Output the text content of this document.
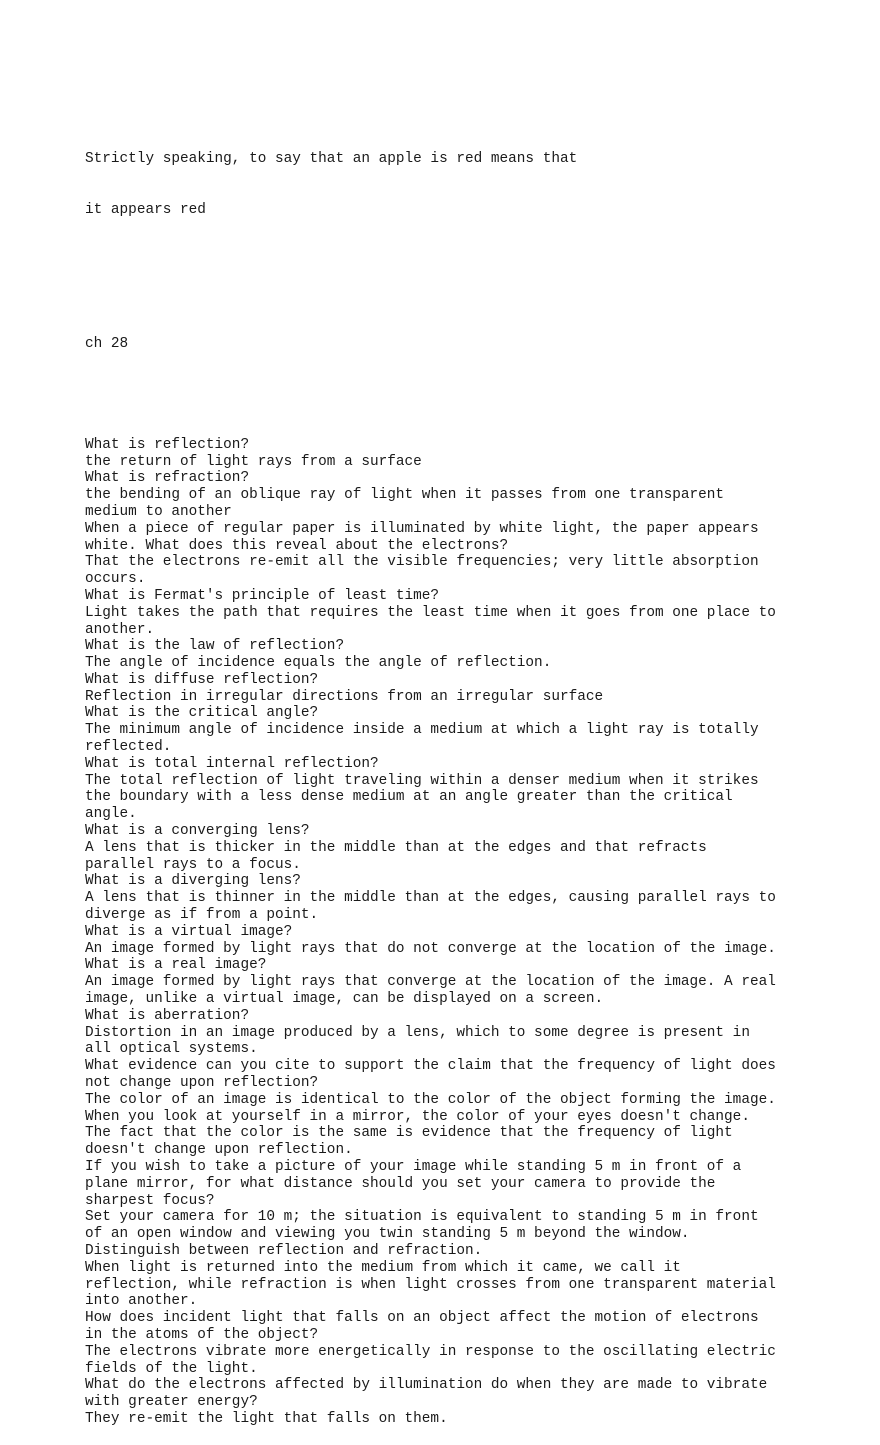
Strictly speaking, to say that an apple is red means that

it appears red

ch 28

What is reflection?
the return of light rays from a surface
What is refraction?
the bending of an oblique ray of light when it passes from one transparent
medium to another
When a piece of regular paper is illuminated by white light, the paper appears
white. What does this reveal about the electrons?
That the electrons re-emit all the visible frequencies; very little absorption
occurs.
What is Fermat's principle of least time?
Light takes the path that requires the least time when it goes from one place to
another.
What is the law of reflection?
The angle of incidence equals the angle of reflection.
What is diffuse reflection?
Reflection in irregular directions from an irregular surface
What is the critical angle?
The minimum angle of incidence inside a medium at which a light ray is totally
reflected.
What is total internal reflection?
The total reflection of light traveling within a denser medium when it strikes
the boundary with a less dense medium at an angle greater than the critical
angle.
What is a converging lens?
A lens that is thicker in the middle than at the edges and that refracts
parallel rays to a focus.
What is a diverging lens?
A lens that is thinner in the middle than at the edges, causing parallel rays to
diverge as if from a point.
What is a virtual image?
An image formed by light rays that do not converge at the location of the image.
What is a real image?
An image formed by light rays that converge at the location of the image. A real
image, unlike a virtual image, can be displayed on a screen.
What is aberration?
Distortion in an image produced by a lens, which to some degree is present in
all optical systems.
What evidence can you cite to support the claim that the frequency of light does
not change upon reflection?
The color of an image is identical to the color of the object forming the image.
When you look at yourself in a mirror, the color of your eyes doesn't change.
The fact that the color is the same is evidence that the frequency of light
doesn't change upon reflection.
If you wish to take a picture of your image while standing 5 m in front of a
plane mirror, for what distance should you set your camera to provide the
sharpest focus?
Set your camera for 10 m; the situation is equivalent to standing 5 m in front
of an open window and viewing you twin standing 5 m beyond the window.
Distinguish between reflection and refraction.
When light is returned into the medium from which it came, we call it
reflection, while refraction is when light crosses from one transparent material
into another.
How does incident light that falls on an object affect the motion of electrons
in the atoms of the object?
The electrons vibrate more energetically in response to the oscillating electric
fields of the light.
What do the electrons affected by illumination do when they are made to vibrate
with greater energy?
They re-emit the light that falls on them.
